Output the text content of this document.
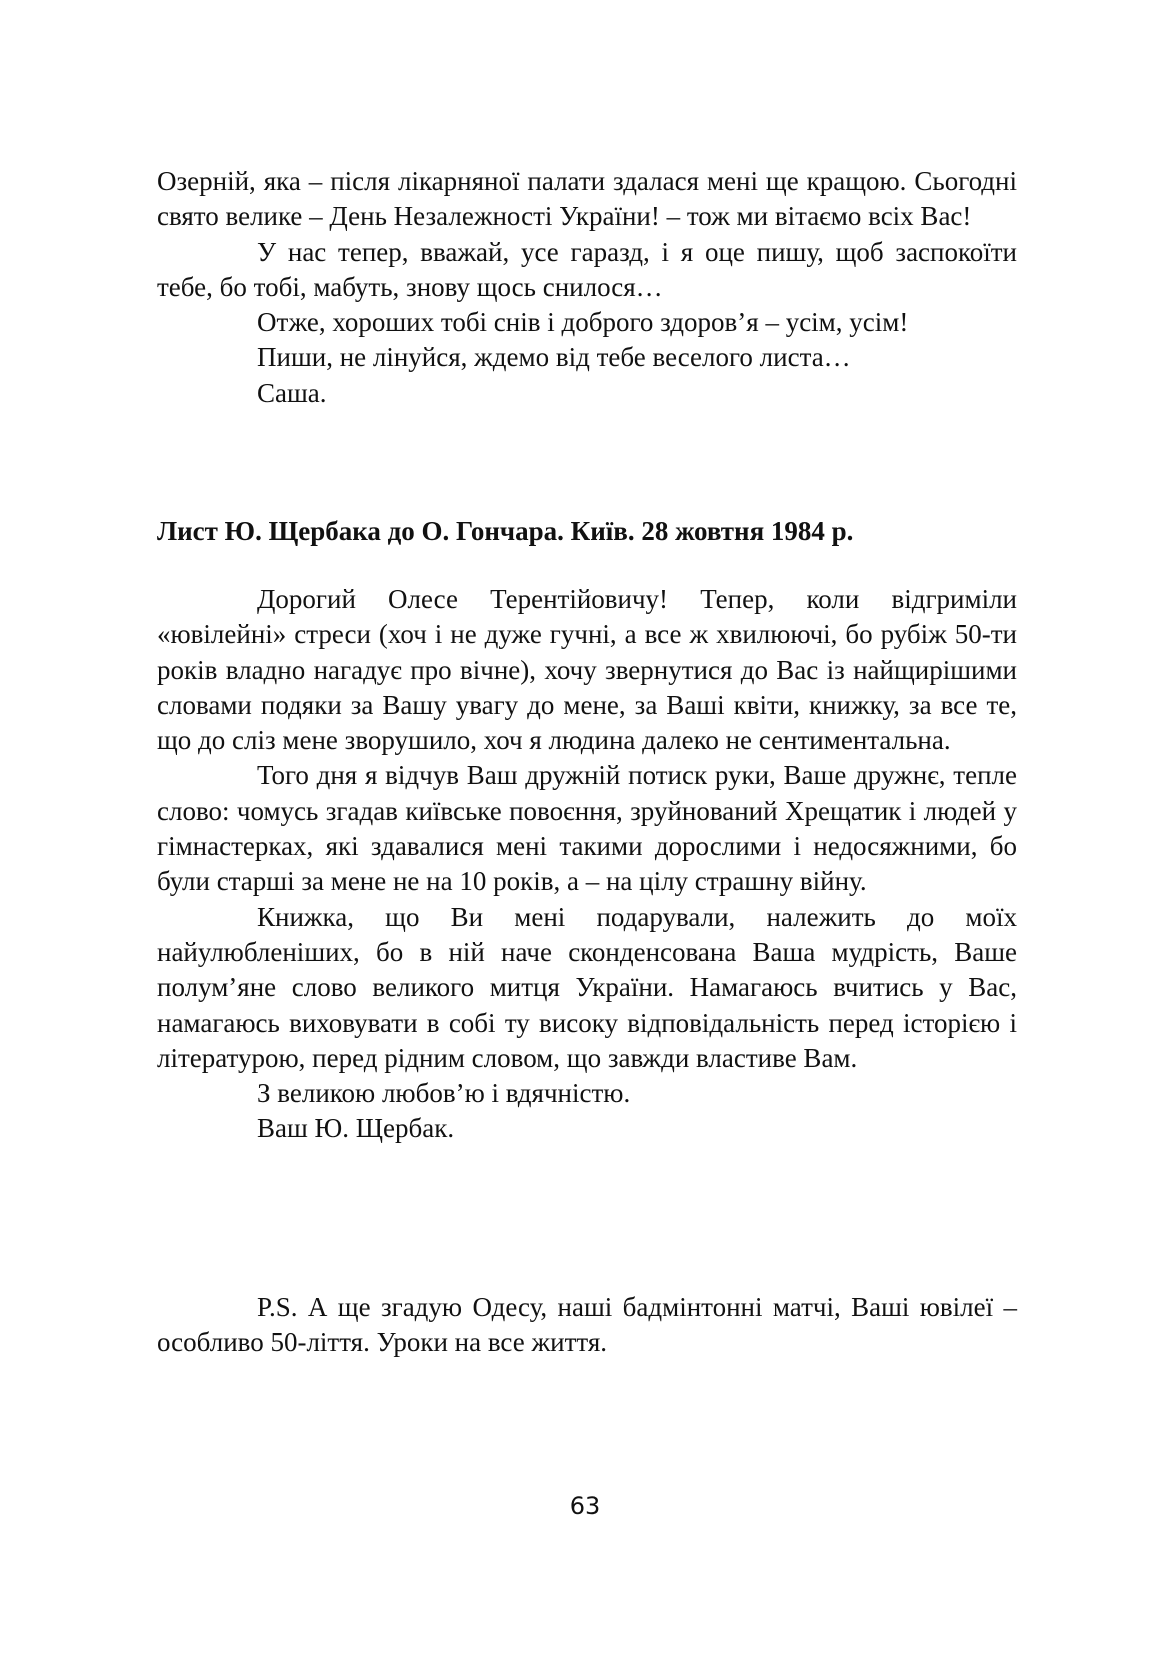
Озерній, яка – після лікарняної палати здалася мені ще кращою. Сьогодні свято велике – День Незалежності України! – тож ми вітаємо всіх Вас!

У нас тепер, вважай, усе гаразд, і я оце пишу, щоб заспокоїти тебе, бо тобі, мабуть, знову щось снилося…

Отже, хороших тобі снів і доброго здоров’я – усім, усім!

Пиши, не лінуйся, ждемо від тебе веселого листа…

Саша.

Лист Ю. Щербака до О. Гончара. Київ. 28 жовтня 1984 р.

Дорогий Олесе Терентійовичу! Тепер, коли відгриміли «ювілейні» стреси (хоч і не дуже гучні, а все ж хвилюючі, бо рубіж 50-ти років владно нагадує про вічне), хочу звернутися до Вас із найщирішими словами подяки за Вашу увагу до мене, за Ваші квіти, книжку, за все те, що до сліз мене зворушило, хоч я людина далеко не сентиментальна.

Того дня я відчув Ваш дружній потиск руки, Ваше дружнє, тепле слово: чомусь згадав київське повоєння, зруйнований Хрещатик і людей у гімнастерках, які здавалися мені такими дорослими і недосяжними, бо були старші за мене не на 10 років, а – на цілу страшну війну.

Книжка, що Ви мені подарували, належить до моїх найулюбленіших, бо в ній наче сконденсована Ваша мудрість, Ваше полум’яне слово великого митця України. Намагаюсь вчитись у Вас, намагаюсь виховувати в собі ту високу відповідальність перед історією і літературою, перед рідним словом, що завжди властиве Вам.

З великою любов’ю і вдячністю.

Ваш Ю. Щербак.

P.S. А ще згадую Одесу, наші бадмінтонні матчі, Ваші ювілеї – особливо 50-ліття. Уроки на все життя.

63
